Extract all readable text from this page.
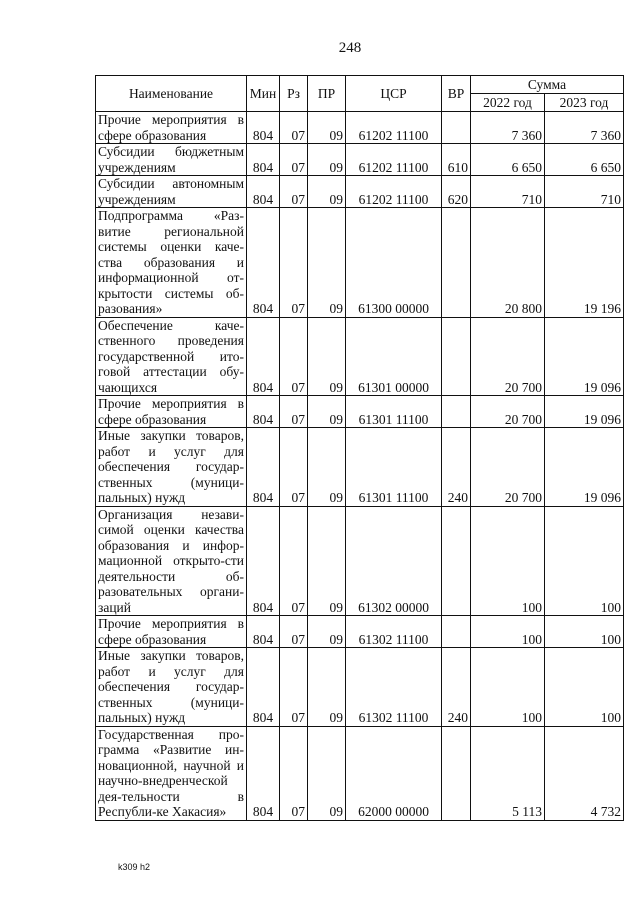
248
Наименование	Мин	Рз	ПР	ЦСР	ВР	Сумма	
						2022 год	2023 год
Прочие мероприятия в сфере образования	804	07	09	61202 11100		7 360	7 360
Субсидии бюджетным учреждениям	804	07	09	61202 11100	610	6 650	6 650
Субсидии автономным учреждениям	804	07	09	61202 11100	620	710	710
Подпрограмма «Раз-витие региональной системы оценки каче-ства образования и информационной от-крытости системы об-разования»	804	07	09	61300 00000		20 800	19 196
Обеспечение каче-ственного проведения государственной ито-говой аттестации обу-чающихся	804	07	09	61301 00000		20 700	19 096
Прочие мероприятия в сфере образования	804	07	09	61301 11100		20 700	19 096
Иные закупки товаров, работ и услуг для обеспечения государ-ственных (муници-пальных) нужд	804	07	09	61301 11100	240	20 700	19 096
Организация незави-симой оценки качества образования и инфор-мационной открыто-сти деятельности об-разовательных органи-заций	804	07	09	61302 00000		100	100
Прочие мероприятия в сфере образования	804	07	09	61302 11100		100	100
Иные закупки товаров, работ и услуг для обеспечения государ-ственных (муници-пальных) нужд	804	07	09	61302 11100	240	100	100
Государственная про-грамма «Развитие ин-новационной, научной и научно-внедренческой дея-тельности в Республи-ке Хакасия»	804	07	09	62000 00000		5 113	4 732
k309 h2
